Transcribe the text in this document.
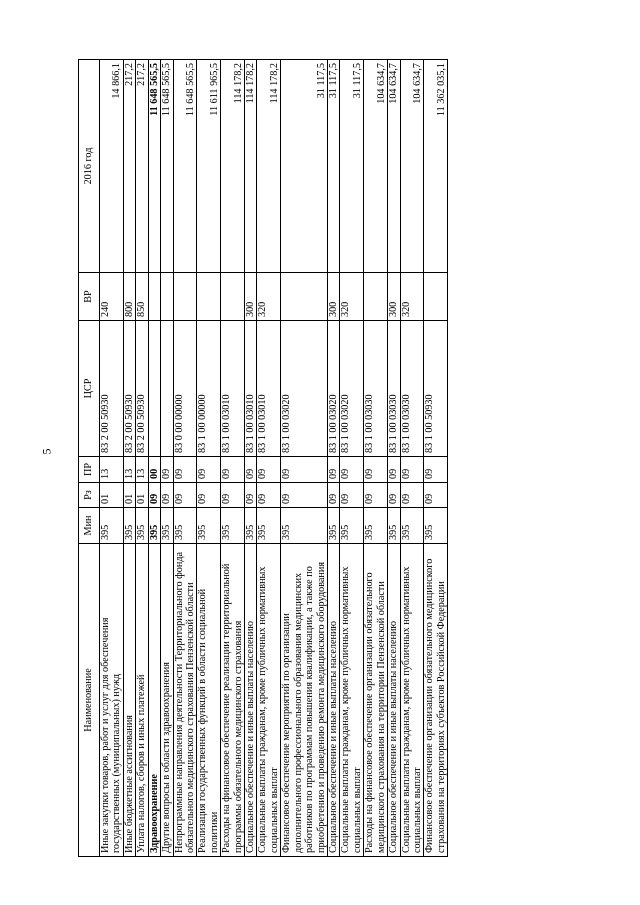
5
Наименование	Мин	Рз	ПР	ЦСР	ВР	2016 год
Иные закупки товаров, работ и услуг для обеспечения государственных (муниципальных) нужд	395	01	13	83 2 00 50930	240	14 866,1
Иные бюджетные ассигнования	395	01	13	83 2 00 50930	800	217,2
Уплата налогов, сборов и иных платежей	395	01	13	83 2 00 50930	850	217,2
Здравоохранение	395	09	00			11 648 565,5
Другие вопросы в области здравоохранения	395	09	09			11 648 565,5
Непрограммные направления деятельности Территориального фонда обязательного медицинского страхования Пензенской области	395	09	09	83 0 00 00000		11 648 565,5
Реализация государственных функций в области социальной политики	395	09	09	83 1 00 00000		11 611 965,5
Расходы на финансовое обеспечение реализации территориальной программы обязательного медицинского страхования	395	09	09	83 1 00 03010		114 178,2
Социальное обеспечение и иные выплаты населению	395	09	09	83 1 00 03010	300	114 178,2
Социальные выплаты гражданам, кроме публичных нормативных социальных выплат	395	09	09	83 1 00 03010	320	114 178,2
Финансовое обеспечение мероприятий по организации дополнительного профессионального образования медицинских работников по программам повышения квалификации, а также по приобретению и проведению ремонта медицинского оборудования	395	09	09	83 1 00 03020		31 117,5
Социальное обеспечение и иные выплаты населению	395	09	09	83 1 00 03020	300	31 117,5
Социальные выплаты гражданам, кроме публичных нормативных социальных выплат	395	09	09	83 1 00 03020	320	31 117,5
Расходы на финансовое обеспечение организации обязательного медицинского страхования на территории Пензенской области	395	09	09	83 1 00 03030		104 634,7
Социальное обеспечение и иные выплаты населению	395	09	09	83 1 00 03030	300	104 634,7
Социальные выплаты гражданам, кроме публичных нормативных социальных выплат	395	09	09	83 1 00 03030	320	104 634,7
Финансовое обеспечение организации обязательного медицинского страхования на территориях субъектов Российской Федерации	395	09	09	83 1 00 50930		11 362 035,1
